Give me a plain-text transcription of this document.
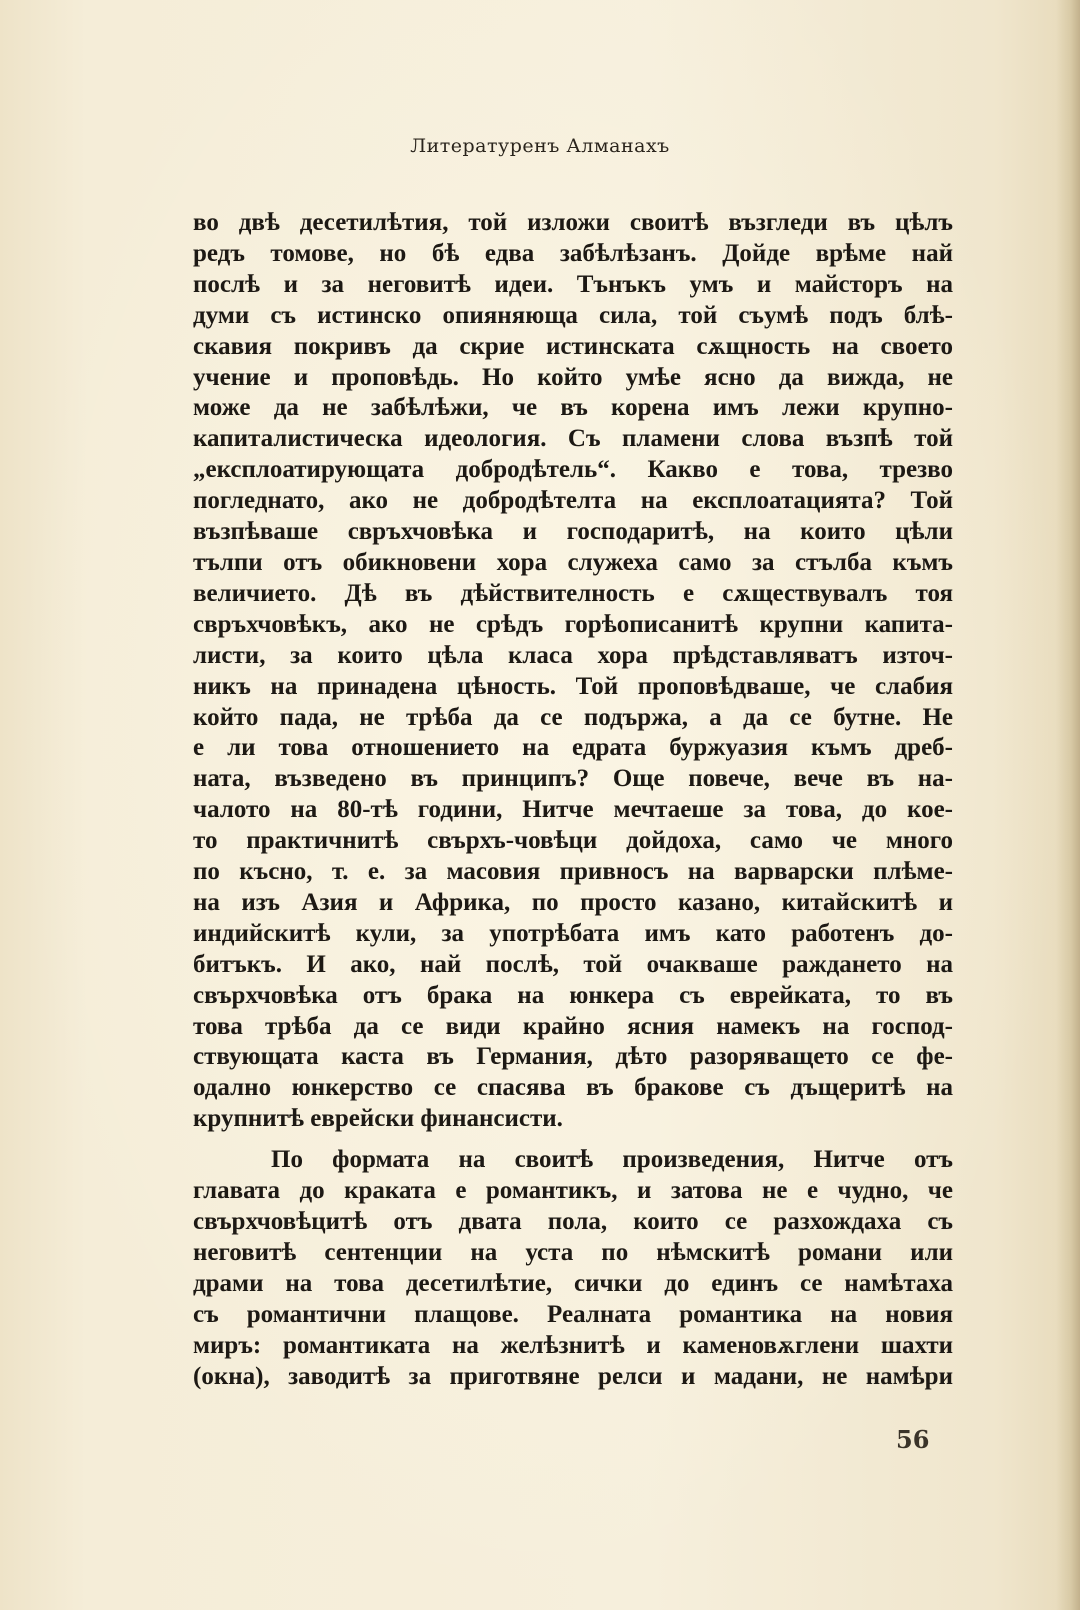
Литературенъ Алманахъ

во двѣ десетилѣтия, той изложи своитѣ възгледи въ цѣлъ
редъ томове, но бѣ едва забѣлѣзанъ. Дойде врѣме най
послѣ и за неговитѣ идеи. Тънъкъ умъ и майсторъ на
думи съ истинско опияняюща сила, той съумѣ подъ блѣ-
скавия покривъ да скрие истинската сѫщность на своето
учение и проповѣдь. Но който умѣе ясно да вижда, не
може да не забѣлѣжи, че въ корена имъ лежи крупно-
капиталистическа идеология. Съ пламени слова възпѣ той
„експлоатирующата добродѣтель“. Какво е това, трезво
погледнато, ако не добродѣтелта на експлоатацията? Той
възпѣваше свръхчовѣка и господаритѣ, на които цѣли
тълпи отъ обикновени хора служеха само за стълба къмъ
величието. Дѣ въ дѣйствителность е сѫществувалъ тоя
свръхчовѣкъ, ако не срѣдъ горѣописанитѣ крупни капита-
листи, за които цѣла класа хора прѣдставляватъ източ-
никъ на принадена цѣность. Той проповѣдваше, че слабия
който пада, не трѣба да се подържа, а да се бутне. Не
е ли това отношението на едрата буржуазия къмъ дреб-
ната, възведено въ принципъ? Още повече, вече въ на-
чалото на 80-тѣ години, Нитче мечтаеше за това, до кое-
то практичнитѣ свърхъ-човѣци дойдоха, само че много
по късно, т. е. за масовия привносъ на варварски плѣме-
на изъ Азия и Африка, по просто казано, китайскитѣ и
индийскитѣ кули, за употрѣбата имъ като работенъ до-
битъкъ. И ако, най послѣ, той очакваше раждането на
свърхчовѣка отъ брака на юнкера съ еврейката, то въ
това трѣба да се види крайно ясния намекъ на господ-
ствующата каста въ Германия, дѣто разоряващето се фе-
одално юнкерство се спасява въ бракове съ дъщеритѣ на
крупнитѣ еврейски финансисти.

По формата на своитѣ произведения, Нитче отъ
главата до краката е романтикъ, и затова не е чудно, че
свърхчовѣцитѣ отъ двата пола, които се разхождаха съ
неговитѣ сентенции на уста по нѣмскитѣ романи или
драми на това десетилѣтие, сички до единъ се намѣтаха
съ романтични плащове. Реалната романтика на новия
миръ: романтиката на желѣзнитѣ и каменовѫглени шахти
(окна), заводитѣ за приготвяне релси и мадани, не намѣри

56
